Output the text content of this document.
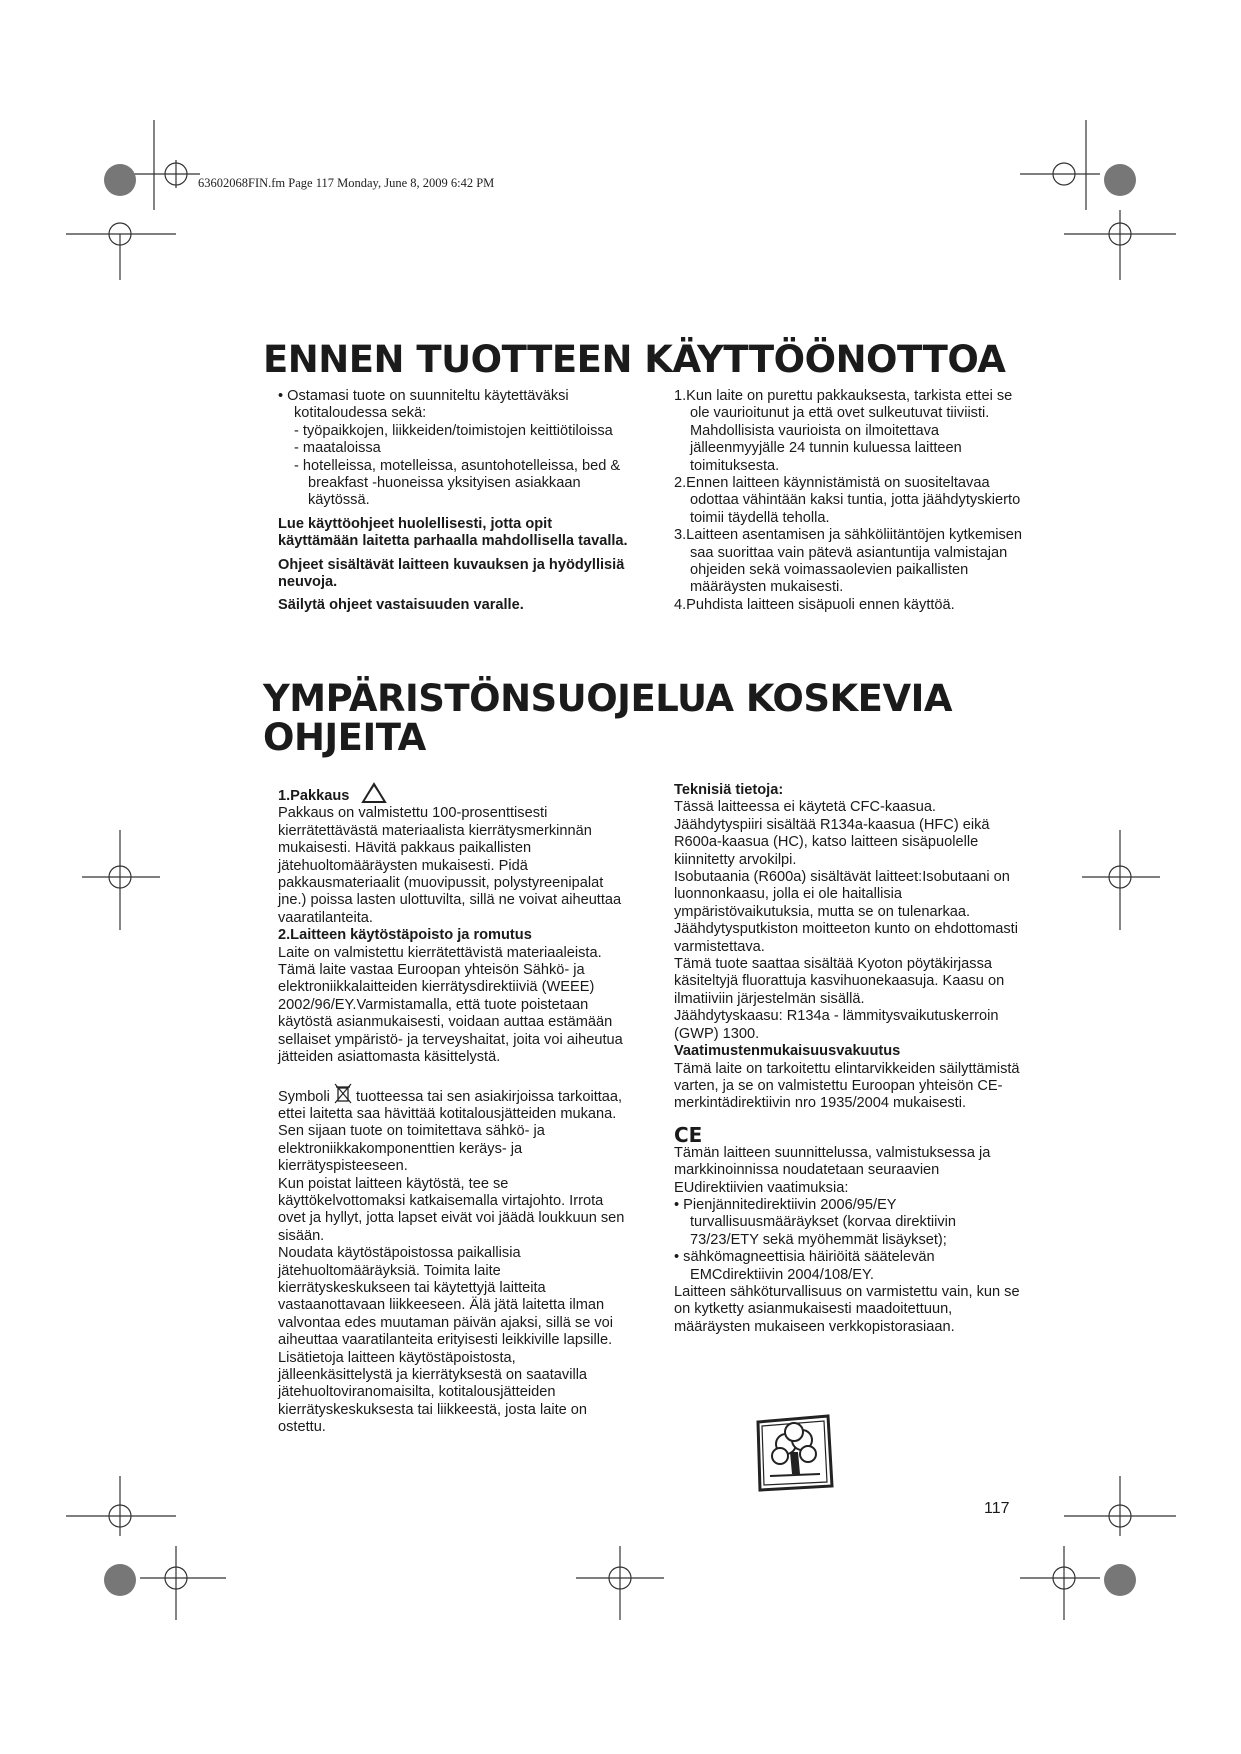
63602068FIN.fm Page 117 Monday, June 8, 2009 6:42 PM
ENNEN TUOTTEEN KÄYTTÖÖNOTTOA

• Ostamasi tuote on suunniteltu käytettäväksi kotitaloudessa sekä:

- työpaikkojen, liikkeiden/toimistojen keittiötiloissa

- maataloissa

- hotelleissa, motelleissa, asuntohotelleissa, bed & breakfast -huoneissa yksityisen asiakkaan käytössä.

Lue käyttöohjeet huolellisesti, jotta opit käyttämään laitetta parhaalla mahdollisella tavalla.

Ohjeet sisältävät laitteen kuvauksen ja hyödyllisiä neuvoja.

Säilytä ohjeet vastaisuuden varalle.

1.Kun laite on purettu pakkauksesta, tarkista ettei se ole vaurioitunut ja että ovet sulkeutuvat tiiviisti. Mahdollisista vaurioista on ilmoitettava jälleenmyyjälle 24 tunnin kuluessa laitteen toimituksesta.

2.Ennen laitteen käynnistämistä on suositeltavaa odottaa vähintään kaksi tuntia, jotta jäähdytyskierto toimii täydellä teholla.

3.Laitteen asentamisen ja sähköliitäntöjen kytkemisen saa suorittaa vain pätevä asiantuntija valmistajan ohjeiden sekä voimassaolevien paikallisten määräysten mukaisesti.

4.Puhdista laitteen sisäpuoli ennen käyttöä.

YMPÄRISTÖNSUOJELUA KOSKEVIA OHJEITA

1.Pakkaus

Pakkaus on valmistettu 100-prosenttisesti kierrätettävästä materiaalista kierrätysmerkinnän mukaisesti. Hävitä pakkaus paikallisten jätehuoltomääräysten mukaisesti. Pidä pakkausmateriaalit (muovipussit, polystyreenipalat jne.) poissa lasten ulottuvilta, sillä ne voivat aiheuttaa vaaratilanteita.

2.Laitteen käytöstäpoisto ja romutus

Laite on valmistettu kierrätettävistä materiaaleista.

Tämä laite vastaa Euroopan yhteisön Sähkö- ja elektroniikkalaitteiden kierrätysdirektiiviä (WEEE) 2002/96/EY.Varmistamalla, että tuote poistetaan käytöstä asianmukaisesti, voidaan auttaa estämään sellaiset ympäristö- ja terveyshaitat, joita voi aiheutua jätteiden asiattomasta käsittelystä.

Symboli tuotteessa tai sen asiakirjoissa tarkoittaa, ettei laitetta saa hävittää kotitalousjätteiden mukana. Sen sijaan tuote on toimitettava sähkö- ja elektroniikkakomponenttien keräys- ja kierrätyspisteeseen.

Kun poistat laitteen käytöstä, tee se käyttökelvottomaksi katkaisemalla virtajohto. Irrota ovet ja hyllyt, jotta lapset eivät voi jäädä loukkuun sen sisään.

Noudata käytöstäpoistossa paikallisia jätehuoltomääräyksiä. Toimita laite kierrätyskeskukseen tai käytettyjä laitteita vastaanottavaan liikkeeseen. Älä jätä laitetta ilman valvontaa edes muutaman päivän ajaksi, sillä se voi aiheuttaa vaaratilanteita erityisesti leikkiville lapsille.

Lisätietoja laitteen käytöstäpoistosta, jälleenkäsittelystä ja kierrätyksestä on saatavilla jätehuoltoviranomaisilta, kotitalousjätteiden kierrätyskeskuksesta tai liikkeestä, josta laite on ostettu.

Teknisiä tietoja:

Tässä laitteessa ei käytetä CFC-kaasua.

Jäähdytyspiiri sisältää R134a-kaasua (HFC) eikä R600a-kaasua (HC), katso laitteen sisäpuolelle kiinnitetty arvokilpi.

Isobutaania (R600a) sisältävät laitteet:Isobutaani on luonnonkaasu, jolla ei ole haitallisia ympäristövaikutuksia, mutta se on tulenarkaa. Jäähdytysputkiston moitteeton kunto on ehdottomasti varmistettava.

Tämä tuote saattaa sisältää Kyoton pöytäkirjassa käsiteltyjä fluorattuja kasvihuonekaasuja. Kaasu on ilmatiiviin järjestelmän sisällä.

Jäähdytyskaasu: R134a - lämmitysvaikutuskerroin (GWP) 1300.

Vaatimustenmukaisuusvakuutus

Tämä laite on tarkoitettu elintarvikkeiden säilyttämistä varten, ja se on valmistettu Euroopan yhteisön CE-merkintädirektiivin nro 1935/2004 mukaisesti.

CE

Tämän laitteen suunnittelussa, valmistuksessa ja markkinoinnissa noudatetaan seuraavien EUdirektiivien vaatimuksia:

• Pienjännitedirektiivin 2006/95/EY turvallisuusmääräykset (korvaa direktiivin 73/23/ETY sekä myöhemmät lisäykset);

• sähkömagneettisia häiriöitä säätelevän EMCdirektiivin 2004/108/EY.

Laitteen sähköturvallisuus on varmistettu vain, kun se on kytketty asianmukaisesti maadoitettuun, määräysten mukaiseen verkkopistorasiaan.

117
